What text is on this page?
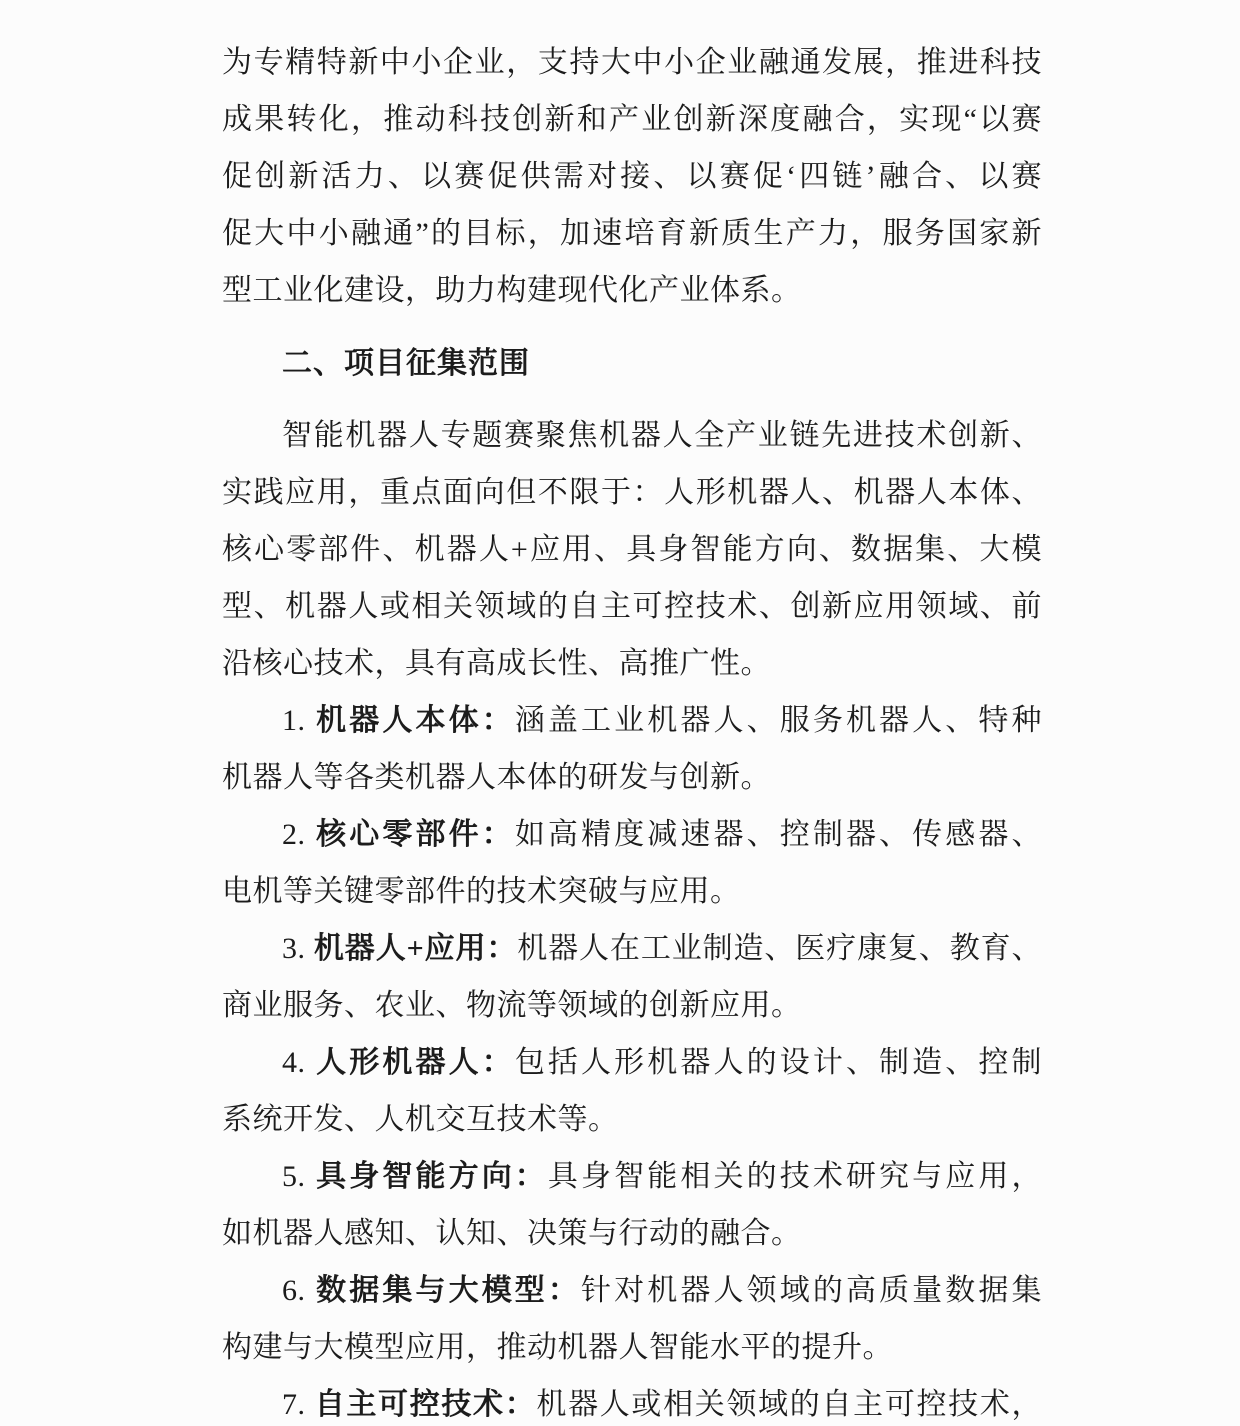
为专精特新中小企业，支持大中小企业融通发展，推进科技
成果转化，推动科技创新和产业创新深度融合，实现“以赛
促创新活力、以赛促供需对接、以赛促‘四链’融合、以赛
促大中小融通”的目标，加速培育新质生产力，服务国家新
型工业化建设，助力构建现代化产业体系。
二、项目征集范围
智能机器人专题赛聚焦机器人全产业链先进技术创新、
实践应用，重点面向但不限于：人形机器人、机器人本体、
核心零部件、机器人+应用、具身智能方向、数据集、大模
型、机器人或相关领域的自主可控技术、创新应用领域、前
沿核心技术，具有高成长性、高推广性。
1. 机器人本体：涵盖工业机器人、服务机器人、特种
机器人等各类机器人本体的研发与创新。
2. 核心零部件：如高精度减速器、控制器、传感器、
电机等关键零部件的技术突破与应用。
3. 机器人+应用：机器人在工业制造、医疗康复、教育、
商业服务、农业、物流等领域的创新应用。
4. 人形机器人：包括人形机器人的设计、制造、控制
系统开发、人机交互技术等。
5. 具身智能方向：具身智能相关的技术研究与应用，
如机器人感知、认知、决策与行动的融合。
6. 数据集与大模型：针对机器人领域的高质量数据集
构建与大模型应用，推动机器人智能水平的提升。
7. 自主可控技术：机器人或相关领域的自主可控技术，
